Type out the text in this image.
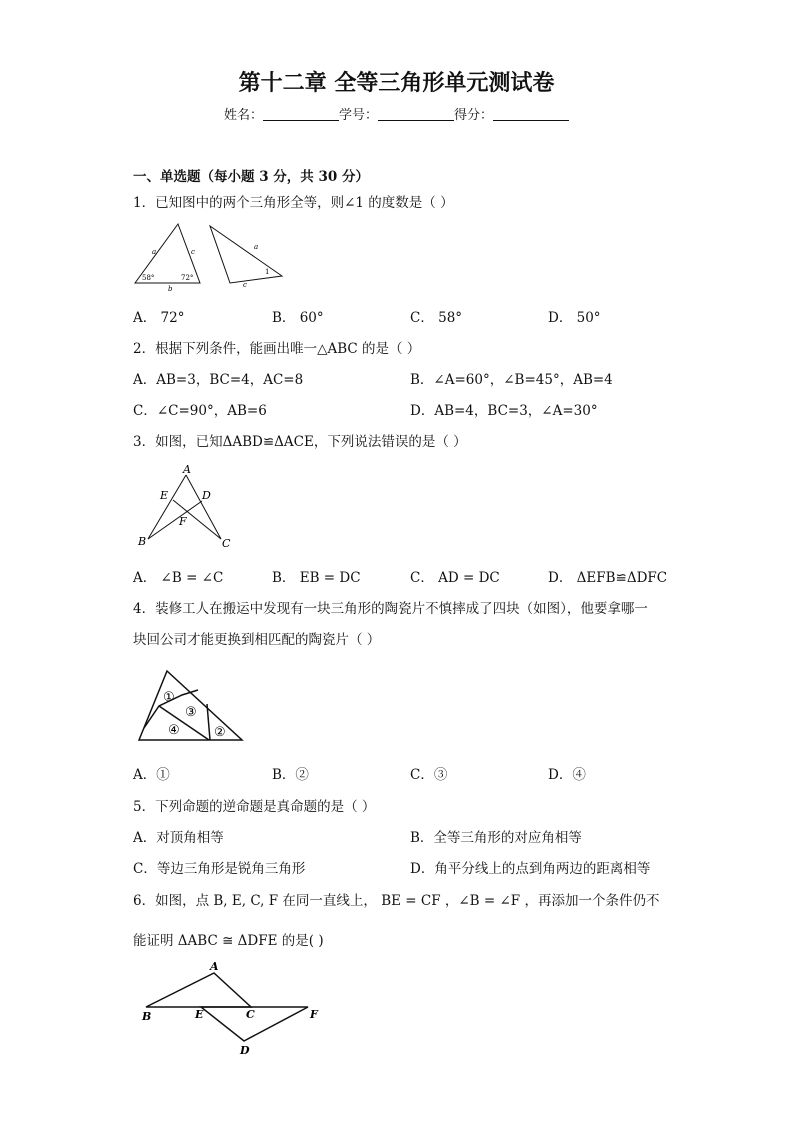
第十二章 全等三角形单元测试卷
姓名：	学号：	得分：
一、单选题（每小题 3 分，共 30 分）
1．已知图中的两个三角形全等，则∠1 的度数是（ ）
a	c
58°	72°
b
a
c
1
A． 72°	B． 60°	C． 58°	D． 50°
2．根据下列条件，能画出唯一△ABC 的是（ ）
A．AB=3，BC=4，AC=8	B．∠A=60°，∠B=45°，AB=4
C．∠C=90°，AB=6	D．AB=4，BC=3，∠A=30°
3．如图，已知ΔABD≌ΔACE，下列说法错误的是（ ）
A
E	D
F
B	C
A． ∠B = ∠C	B． EB = DC	C． AD = DC	D． ΔEFB≌ΔDFC
4．装修工人在搬运中发现有一块三角形的陶瓷片不慎摔成了四块（如图），他要拿哪一
块回公司才能更换到相匹配的陶瓷片（ ）
①
③
④	②
A．①	B．②	C．③	D．④
5．下列命题的逆命题是真命题的是（ ）
A．对顶角相等	B．全等三角形的对应角相等
C．等边三角形是锐角三角形	D．角平分线上的点到角两边的距离相等
6．如图，点 B, E, C, F 在同一直线上， BE = CF ，∠B = ∠F ，再添加一个条件仍不
能证明 ΔABC ≅ ΔDFE 的是( )
A
B	E	C	F
D
